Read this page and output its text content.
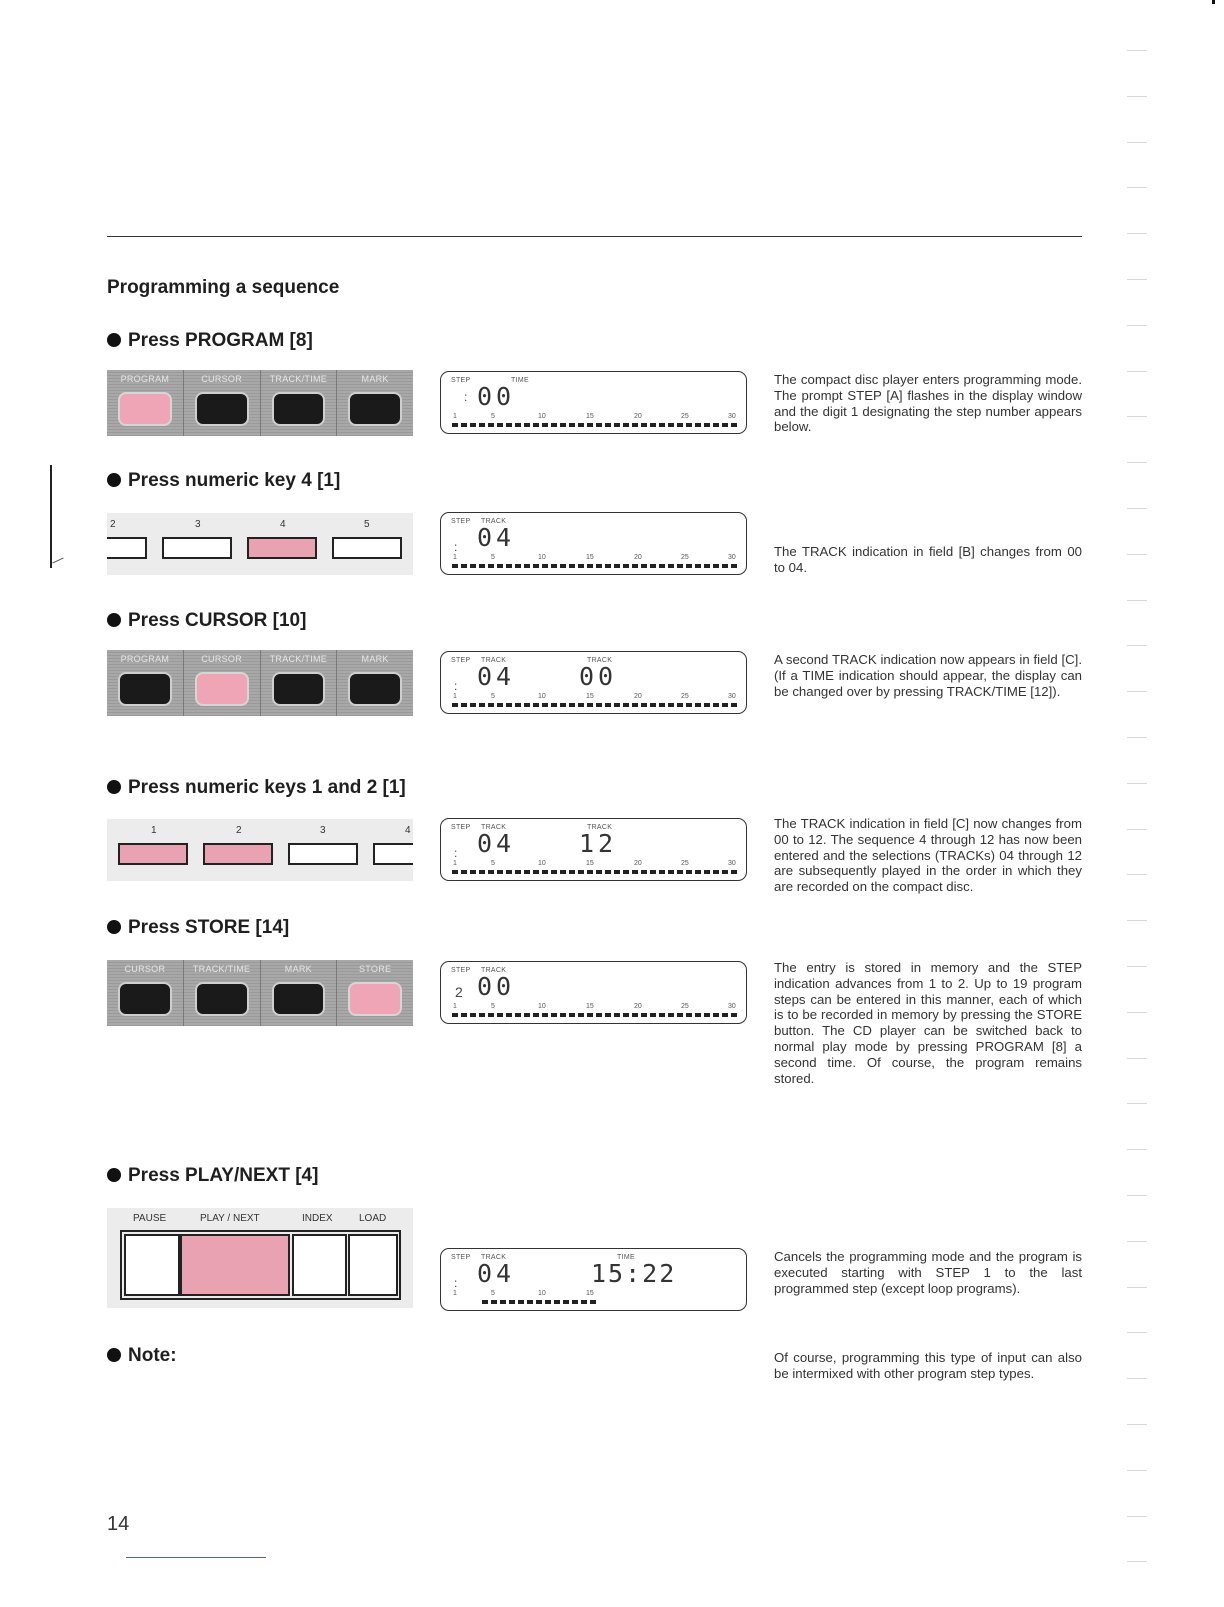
Programming a sequence
Press PROGRAM [8]
PROGRAM	CURSOR	TRACK/TIME	MARK	STEP	TIME
: 00
1	5	10	15	20	25	30
The compact disc player enters programming mode. The prompt STEP [A] flashes in the display window and the digit 1 designating the step number appears below.
Press numeric key 4 [1]
2	3	4	5	STEP TRACK
: 04
1	5	10	15	20	25	30	The TRACK indication in field [B] changes from 00 to 04.
Press CURSOR [10]
PROGRAM	CURSOR	TRACK/TIME	MARK	STEP TRACK	TRACK
: 04	00
1	5	10	15	20	25	30
A second TRACK indication now appears in field [C]. (If a TIME indication should appear, the display can be changed over by pressing TRACK/TIME [12]).
Press numeric keys 1 and 2 [1]
1	2	3	4	STEP TRACK	TRACK
: 04	12
1	5	10	15	20	25	30
The TRACK indication in field [C] now changes from 00 to 12. The sequence 4 through 12 has now been entered and the selections (TRACKs) 04 through 12 are subsequently played in the order in which they are recorded on the compact disc.
Press STORE [14]
CURSOR	TRACK/TIME	MARK	STORE	STEP TRACK
2 00
1	5	10	15	20	25	30
The entry is stored in memory and the STEP indication advances from 1 to 2. Up to 19 program steps can be entered in this manner, each of which is to be recorded in memory by pressing the STORE button. The CD player can be switched back to normal play mode by pressing PROGRAM [8] a second time. Of course, the program remains stored.
Press PLAY/NEXT [4]
PAUSE	PLAY / NEXT	INDEX	LOAD
STEP TRACK	TIME
: 04	15:22
1	5	10	15
Cancels the programming mode and the program is executed starting with STEP 1 to the last programmed step (except loop programs).
Note:	Of course, programming this type of input can also be intermixed with other program step types.
14
